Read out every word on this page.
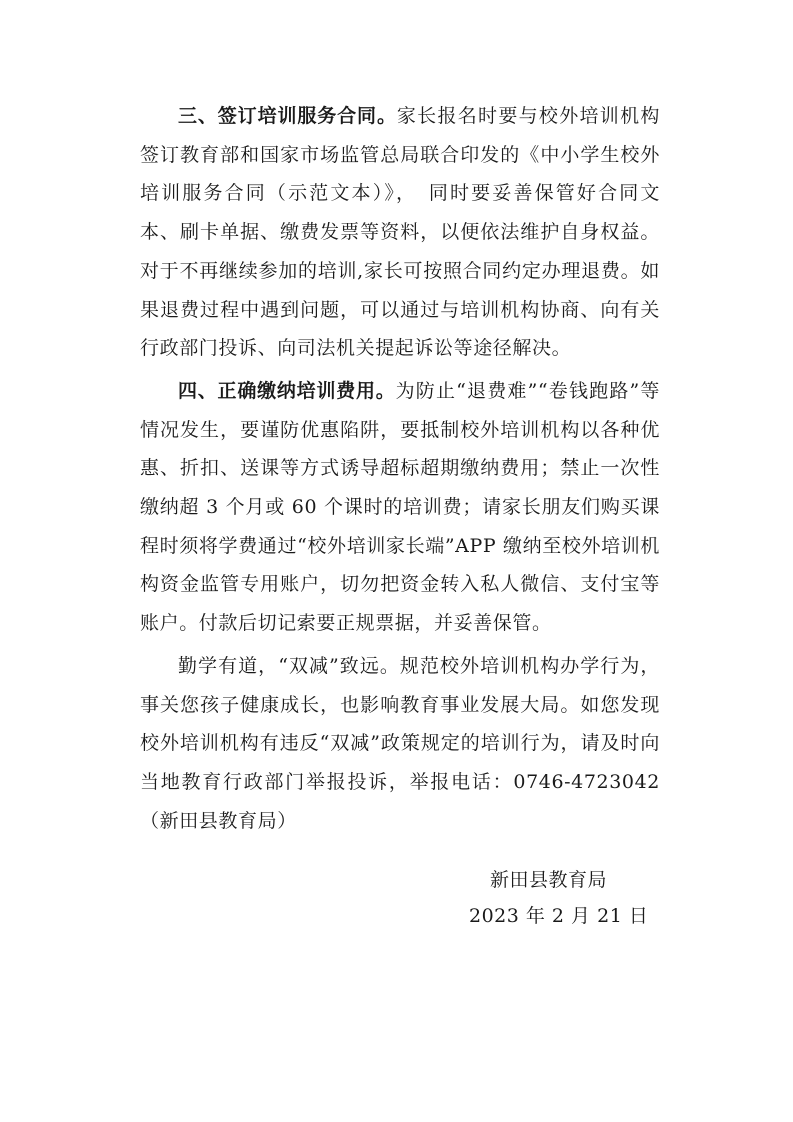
三、签订培训服务合同。家长报名时要与校外培训机构签订教育部和国家市场监管总局联合印发的《中小学生校外培训服务合同（示范文本）》，　同时要妥善保管好合同文本、刷卡单据、缴费发票等资料，以便依法维护自身权益。对于不再继续参加的培训,家长可按照合同约定办理退费。如果退费过程中遇到问题，可以通过与培训机构协商、向有关行政部门投诉、向司法机关提起诉讼等途径解决。

四、正确缴纳培训费用。为防止“退费难”“卷钱跑路”等情况发生，要谨防优惠陷阱，要抵制校外培训机构以各种优惠、折扣、送课等方式诱导超标超期缴纳费用；禁止一次性缴纳超 3 个月或 60 个课时的培训费；请家长朋友们购买课程时须将学费通过“校外培训家长端”APP 缴纳至校外培训机构资金监管专用账户，切勿把资金转入私人微信、支付宝等账户。付款后切记索要正规票据，并妥善保管。

勤学有道，“双减”致远。规范校外培训机构办学行为，事关您孩子健康成长，也影响教育事业发展大局。如您发现校外培训机构有违反“双减”政策规定的培训行为，请及时向当地教育行政部门举报投诉，举报电话：0746-4723042（新田县教育局）

新田县教育局
2023 年 2 月 21 日
